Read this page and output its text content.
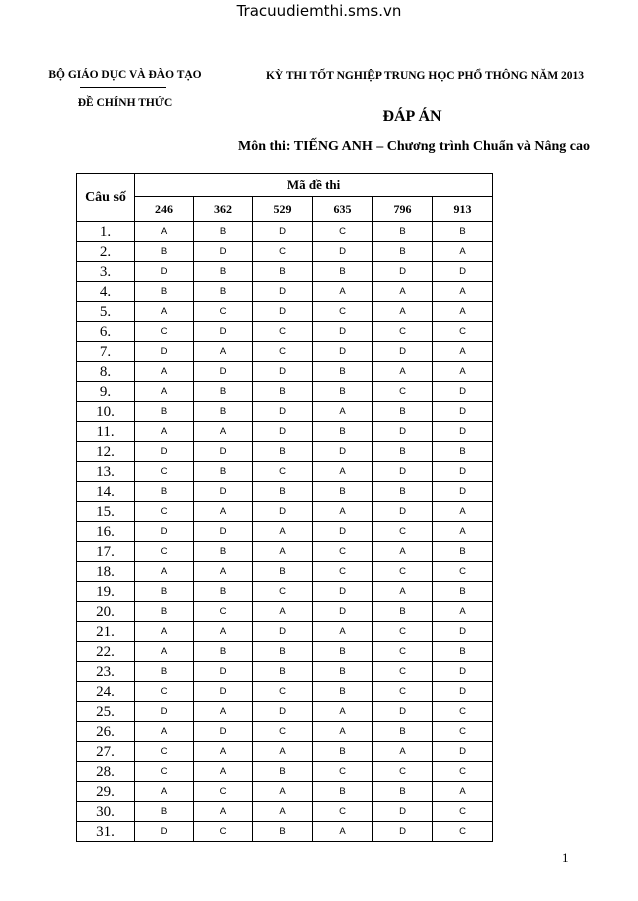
Tracuudiemthi.sms.vn
BỘ GIÁO DỤC VÀ ĐÀO TẠO
ĐỀ CHÍNH THỨC
KỲ THI TỐT NGHIỆP TRUNG HỌC PHỔ THÔNG NĂM 2013
ĐÁP ÁN
Môn thi: TIẾNG ANH – Chương trình Chuẩn và Nâng cao
Câu số	Mã đề thi					
	246	362	529	635	796	913
1.	A	B	D	C	B	B
2.	B	D	C	D	B	A
3.	D	B	B	B	D	D
4.	B	B	D	A	A	A
5.	A	C	D	C	A	A
6.	C	D	C	D	C	C
7.	D	A	C	D	D	A
8.	A	D	D	B	A	A
9.	A	B	B	B	C	D
10.	B	B	D	A	B	D
11.	A	A	D	B	D	D
12.	D	D	B	D	B	B
13.	C	B	C	A	D	D
14.	B	D	B	B	B	D
15.	C	A	D	A	D	A
16.	D	D	A	D	C	A
17.	C	B	A	C	A	B
18.	A	A	B	C	C	C
19.	B	B	C	D	A	B
20.	B	C	A	D	B	A
21.	A	A	D	A	C	D
22.	A	B	B	B	C	B
23.	B	D	B	B	C	D
24.	C	D	C	B	C	D
25.	D	A	D	A	D	C
26.	A	D	C	A	B	C
27.	C	A	A	B	A	D
28.	C	A	B	C	C	C
29.	A	C	A	B	B	A
30.	B	A	A	C	D	C
31.	D	C	B	A	D	C
1
